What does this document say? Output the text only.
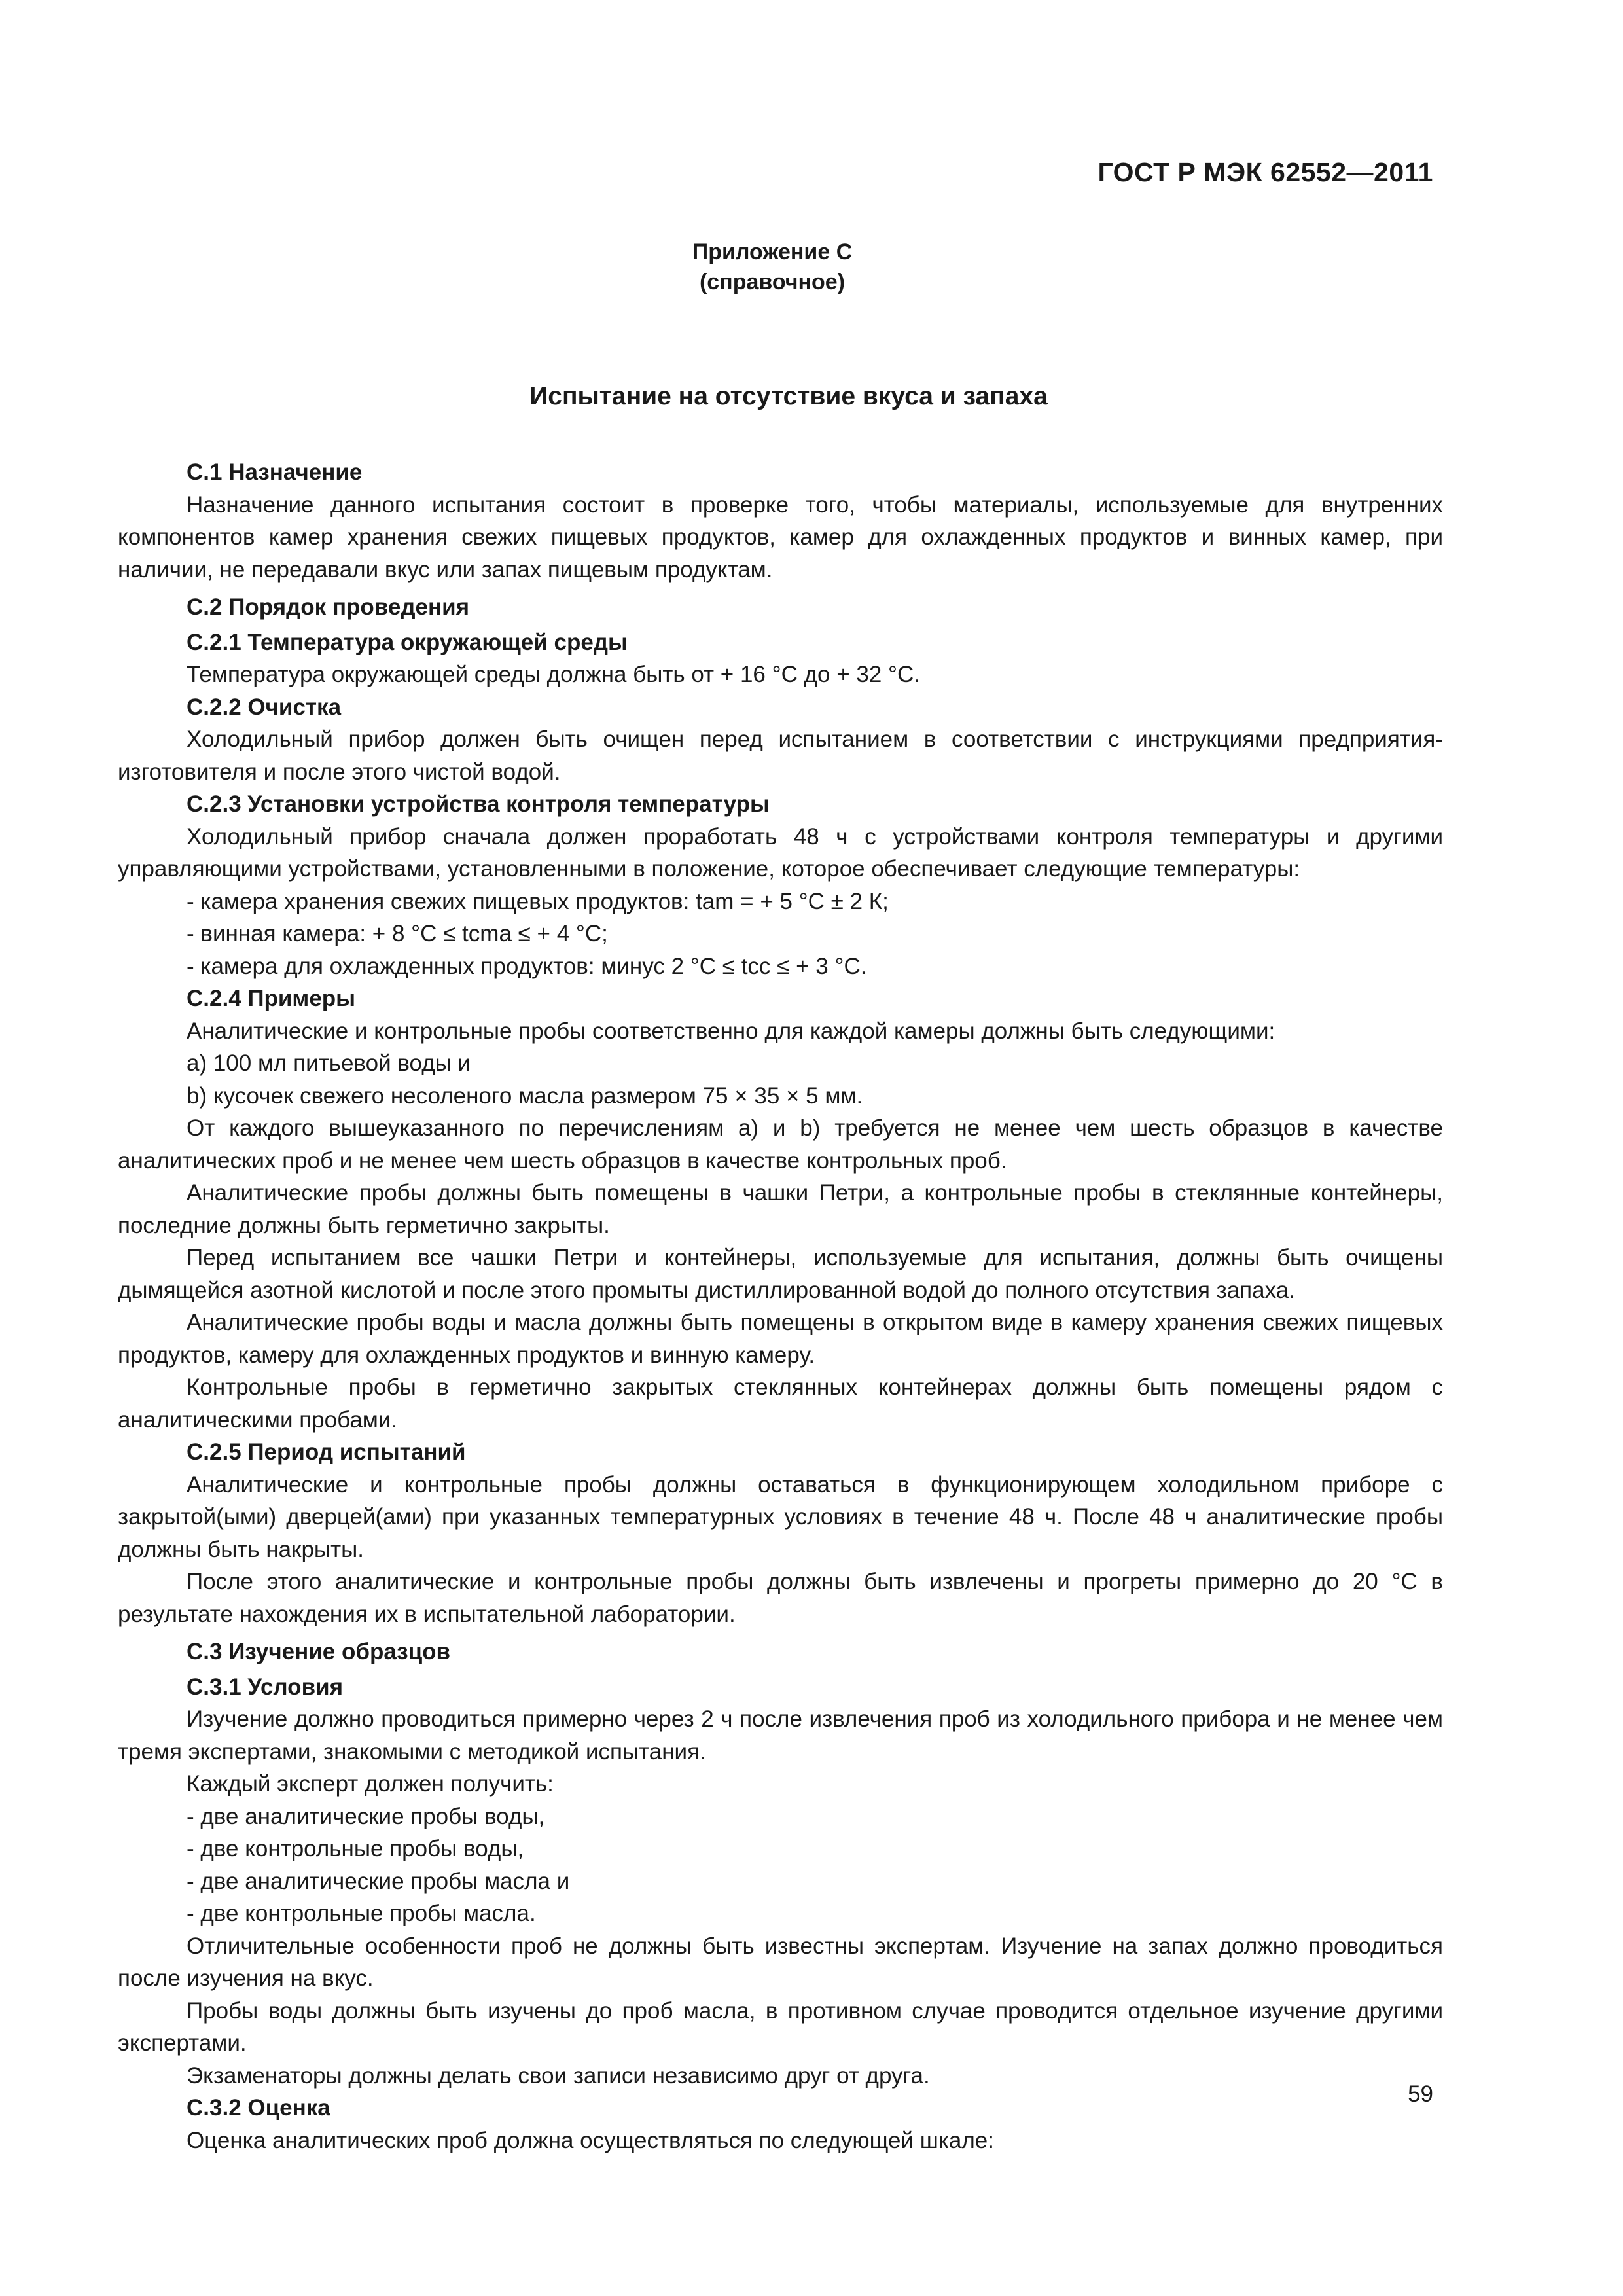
ГОСТ Р МЭК 62552—2011
Приложение C
(справочное)
Испытание на отсутствие вкуса и запаха

C.1 Назначение

Назначение данного испытания состоит в проверке того, чтобы материалы, используемые для внутренних компонентов камер хранения свежих пищевых продуктов, камер для охлажденных продуктов и винных камер, при наличии, не передавали вкус или запах пищевым продуктам.

C.2 Порядок проведения

C.2.1 Температура окружающей среды

Температура окружающей среды должна быть от + 16 °С до + 32 °С.

C.2.2 Очистка

Холодильный прибор должен быть очищен перед испытанием в соответствии с инструкциями предприятия-изготовителя и после этого чистой водой.

C.2.3 Установки устройства контроля температуры

Холодильный прибор сначала должен проработать 48 ч с устройствами контроля температуры и другими управляющими устройствами, установленными в положение, которое обеспечивает следующие температуры:

- камера хранения свежих пищевых продуктов: tam = + 5 °С ± 2 К;

- винная камера: + 8 °С ≤ tcma ≤ + 4 °С;

- камера для охлажденных продуктов: минус 2 °С ≤ tcc ≤ + 3 °С.

C.2.4 Примеры

Аналитические и контрольные пробы соответственно для каждой камеры должны быть следующими:

а) 100 мл питьевой воды и

b) кусочек свежего несоленого масла размером 75 × 35 × 5 мм.

От каждого вышеуказанного по перечислениям а) и b) требуется не менее чем шесть образцов в качестве аналитических проб и не менее чем шесть образцов в качестве контрольных проб.

Аналитические пробы должны быть помещены в чашки Петри, а контрольные пробы в стеклянные контейнеры, последние должны быть герметично закрыты.

Перед испытанием все чашки Петри и контейнеры, используемые для испытания, должны быть очищены дымящейся азотной кислотой и после этого промыты дистиллированной водой до полного отсутствия запаха.

Аналитические пробы воды и масла должны быть помещены в открытом виде в камеру хранения свежих пищевых продуктов, камеру для охлажденных продуктов и винную камеру.

Контрольные пробы в герметично закрытых стеклянных контейнерах должны быть помещены рядом с аналитическими пробами.

C.2.5 Период испытаний

Аналитические и контрольные пробы должны оставаться в функционирующем холодильном приборе с закрытой(ыми) дверцей(ами) при указанных температурных условиях в течение 48 ч. После 48 ч аналитические пробы должны быть накрыты.

После этого аналитические и контрольные пробы должны быть извлечены и прогреты примерно до 20 °С в результате нахождения их в испытательной лаборатории.

C.3 Изучение образцов

C.3.1 Условия

Изучение должно проводиться примерно через 2 ч после извлечения проб из холодильного прибора и не менее чем тремя экспертами, знакомыми с методикой испытания.

Каждый эксперт должен получить:

- две аналитические пробы воды,

- две контрольные пробы воды,

- две аналитические пробы масла и

- две контрольные пробы масла.

Отличительные особенности проб не должны быть известны экспертам. Изучение на запах должно проводиться после изучения на вкус.

Пробы воды должны быть изучены до проб масла, в противном случае проводится отдельное изучение другими экспертами.

Экзаменаторы должны делать свои записи независимо друг от друга.

C.3.2 Оценка

Оценка аналитических проб должна осуществляться по следующей шкале:

59
